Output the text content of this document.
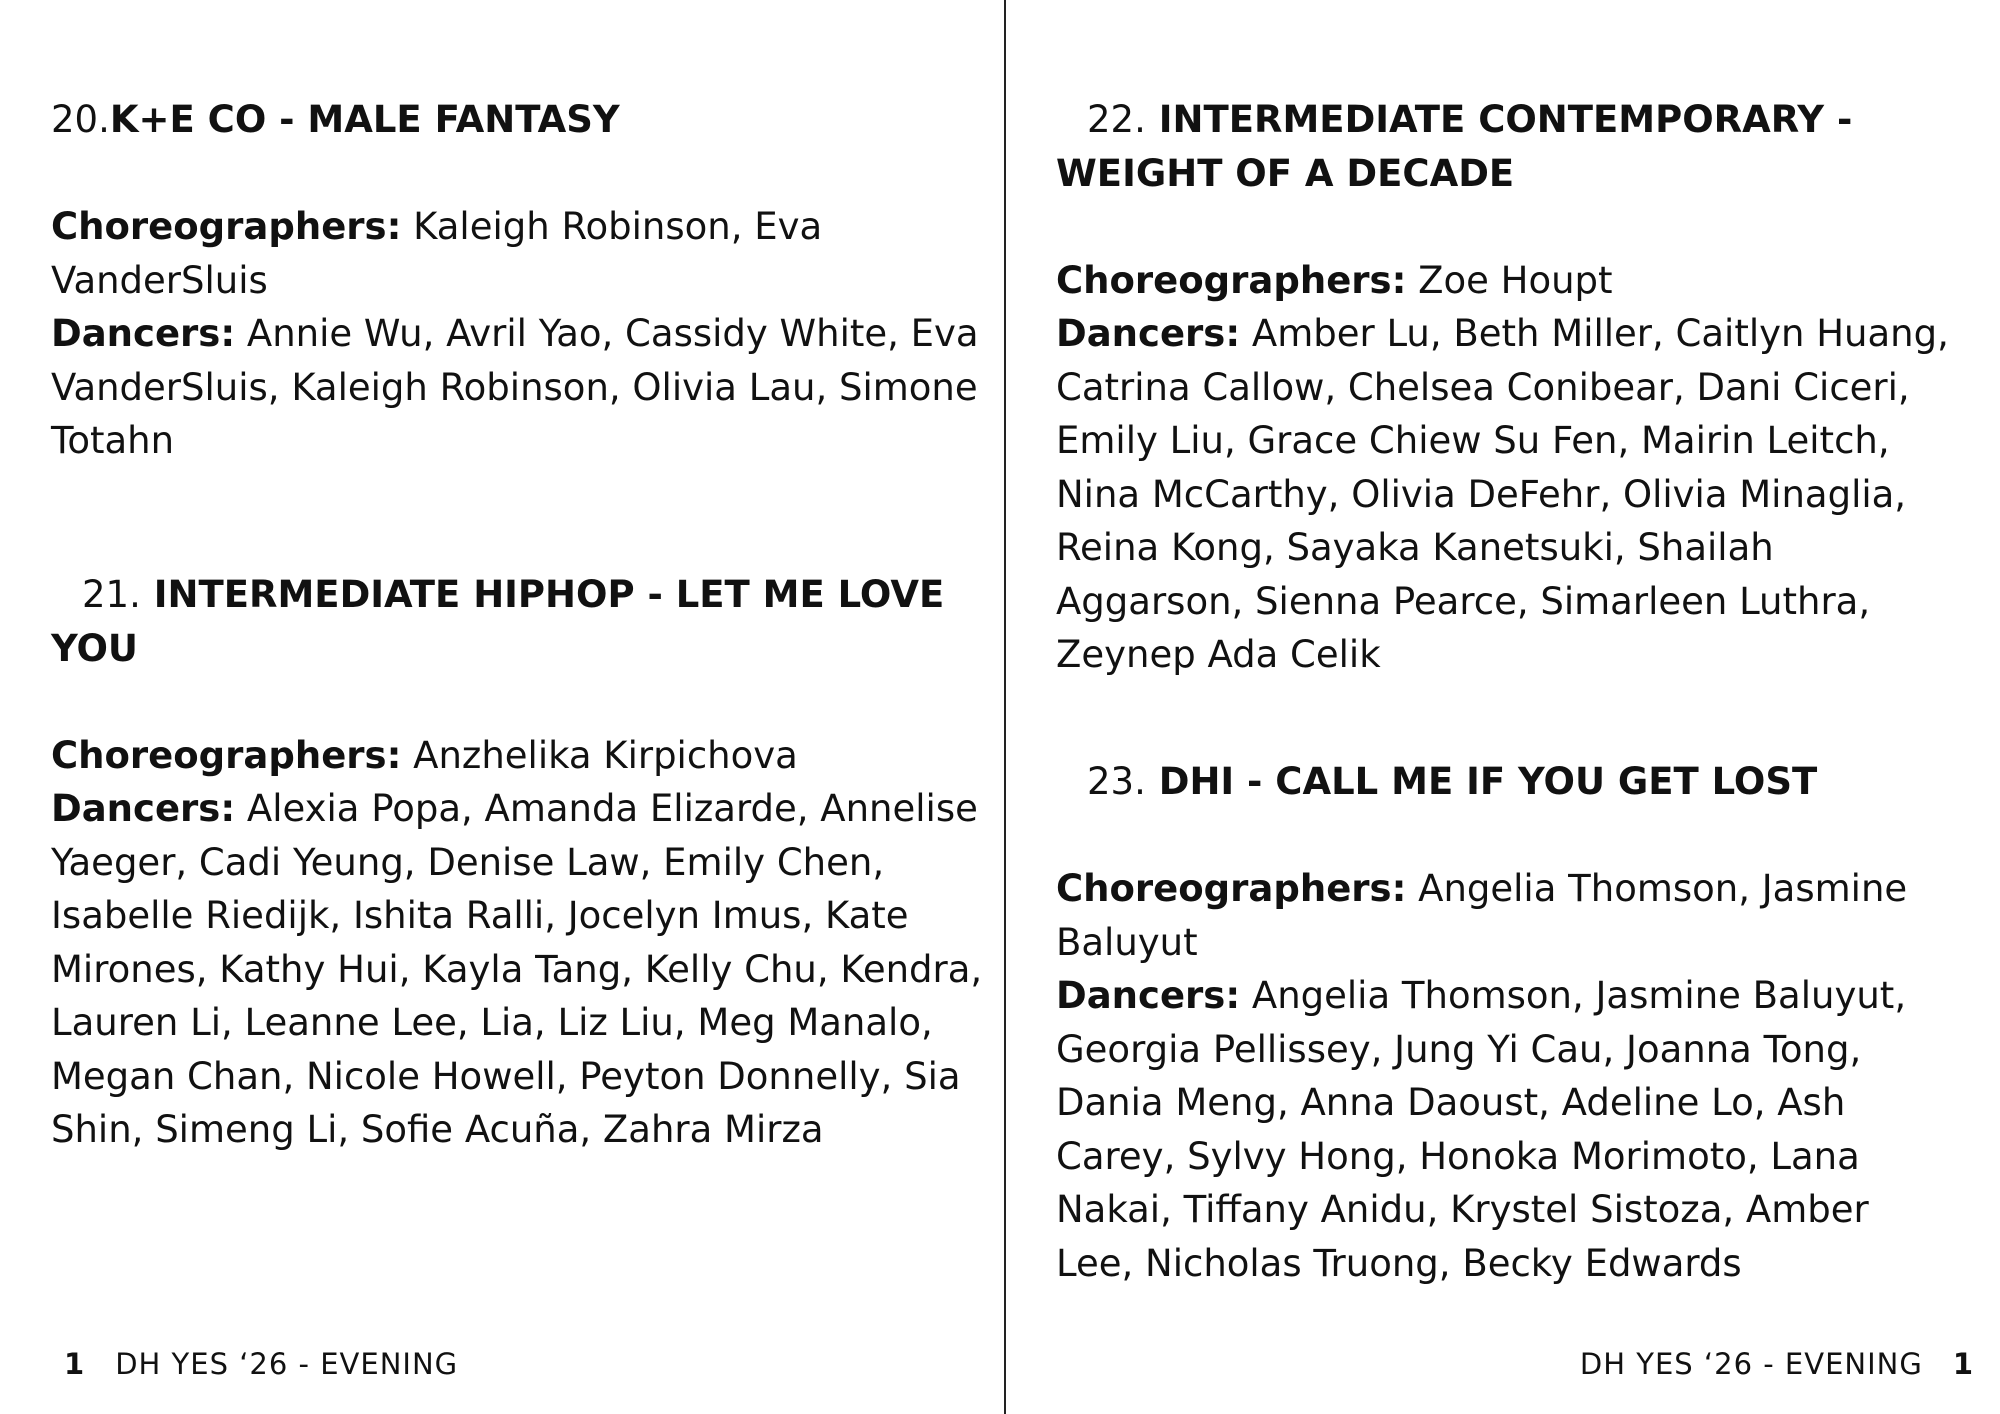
20.K+E CO - MALE FANTASY

Choreographers: Kaleigh Robinson, Eva VanderSluis

Dancers: Annie Wu, Avril Yao, Cassidy White, Eva VanderSluis, Kaleigh Robinson, Olivia Lau, Simone Totahn

21. INTERMEDIATE HIPHOP - LET ME LOVE YOU

Choreographers: Anzhelika Kirpichova

Dancers: Alexia Popa, Amanda Elizarde, Annelise Yaeger, Cadi Yeung, Denise Law, Emily Chen, Isabelle Riedijk, Ishita Ralli, Jocelyn Imus, Kate Mirones, Kathy Hui, Kayla Tang, Kelly Chu, Kendra, Lauren Li, Leanne Lee, Lia, Liz Liu, Meg Manalo, Megan Chan, Nicole Howell, Peyton Donnelly, Sia Shin, Simeng Li, Sofie Acuña, Zahra Mirza

1 DH YES ‘26 - EVENING

22. INTERMEDIATE CONTEMPORARY - WEIGHT OF A DECADE

Choreographers: Zoe Houpt

Dancers: Amber Lu, Beth Miller, Caitlyn Huang, Catrina Callow, Chelsea Conibear, Dani Ciceri, Emily Liu, Grace Chiew Su Fen, Mairin Leitch, Nina McCarthy, Olivia DeFehr, Olivia Minaglia, Reina Kong, Sayaka Kanetsuki, Shailah Aggarson, Sienna Pearce, Simarleen Luthra, Zeynep Ada Celik

23. DHI - CALL ME IF YOU GET LOST

Choreographers: Angelia Thomson, Jasmine Baluyut

Dancers: Angelia Thomson, Jasmine Baluyut, Georgia Pellissey, Jung Yi Cau, Joanna Tong, Dania Meng, Anna Daoust, Adeline Lo, Ash Carey, Sylvy Hong, Honoka Morimoto, Lana Nakai, Tiffany Anidu, Krystel Sistoza, Amber Lee, Nicholas Truong, Becky Edwards

DH YES ‘26 - EVENING 1
